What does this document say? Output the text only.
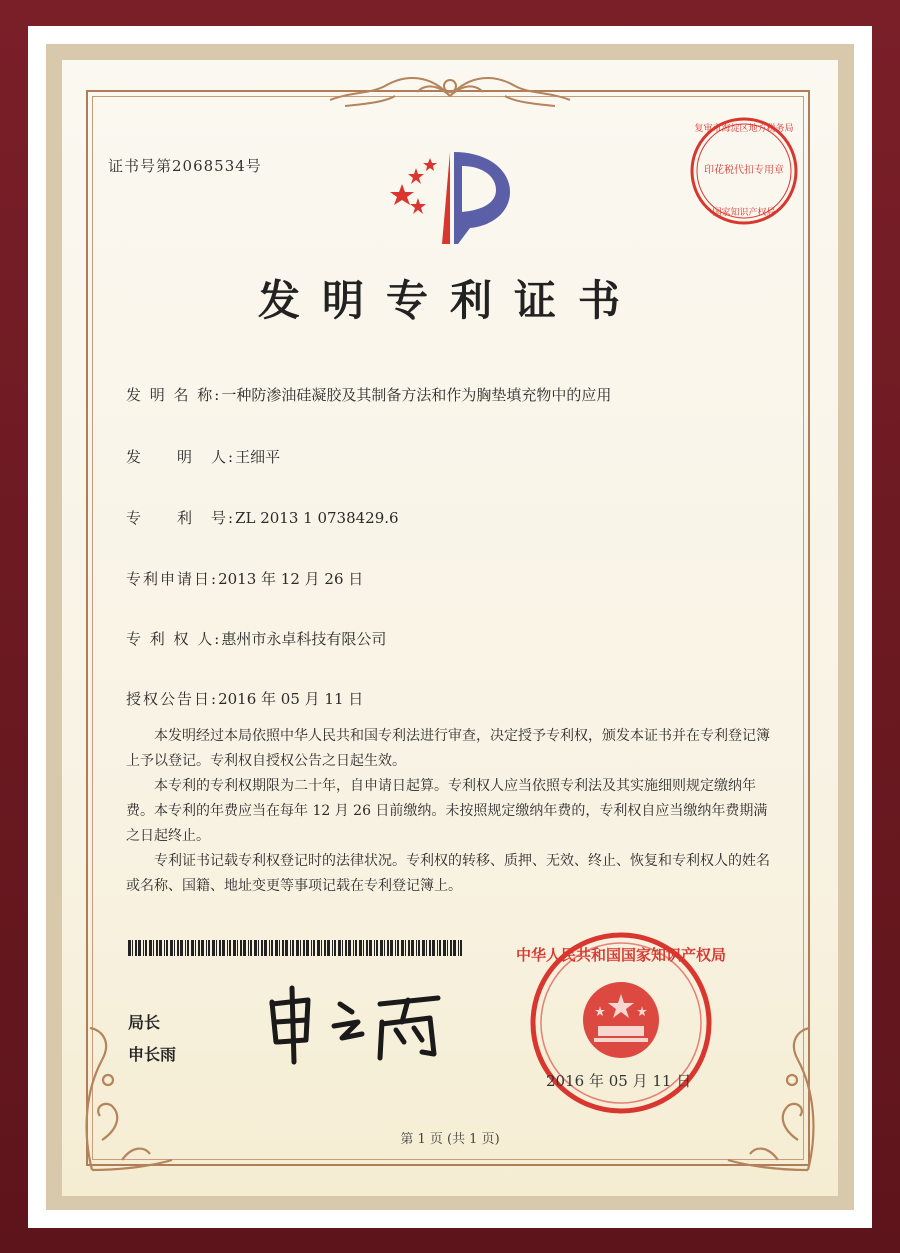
证书号第2068534号
发明专利证书
发 明 名 称:一种防渗油硅凝胶及其制备方法和作为胸垫填充物中的应用
发　　明　人:王细平
专　　利　号:ZL 2013 1 0738429.6
专利申请日:2013 年 12 月 26 日
专 利 权 人:惠州市永卓科技有限公司
授权公告日:2016 年 05 月 11 日

本发明经过本局依照中华人民共和国专利法进行审查，决定授予专利权，颁发本证书并在专利登记簿上予以登记。专利权自授权公告之日起生效。

本专利的专利权期限为二十年，自申请日起算。专利权人应当依照专利法及其实施细则规定缴纳年费。本专利的年费应当在每年 12 月 26 日前缴纳。未按照规定缴纳年费的，专利权自应当缴纳年费期满之日起终止。

专利证书记载专利权登记时的法律状况。专利权的转移、质押、无效、终止、恢复和专利权人的姓名或名称、国籍、地址变更等事项记载在专利登记簿上。

局长
申长雨
复审市海淀区地方税务局
印花税代扣专用章
国家知识产权局
中华人民共和国国家知识产权局
2016 年 05 月 11 日
第 1 页 (共 1 页)
